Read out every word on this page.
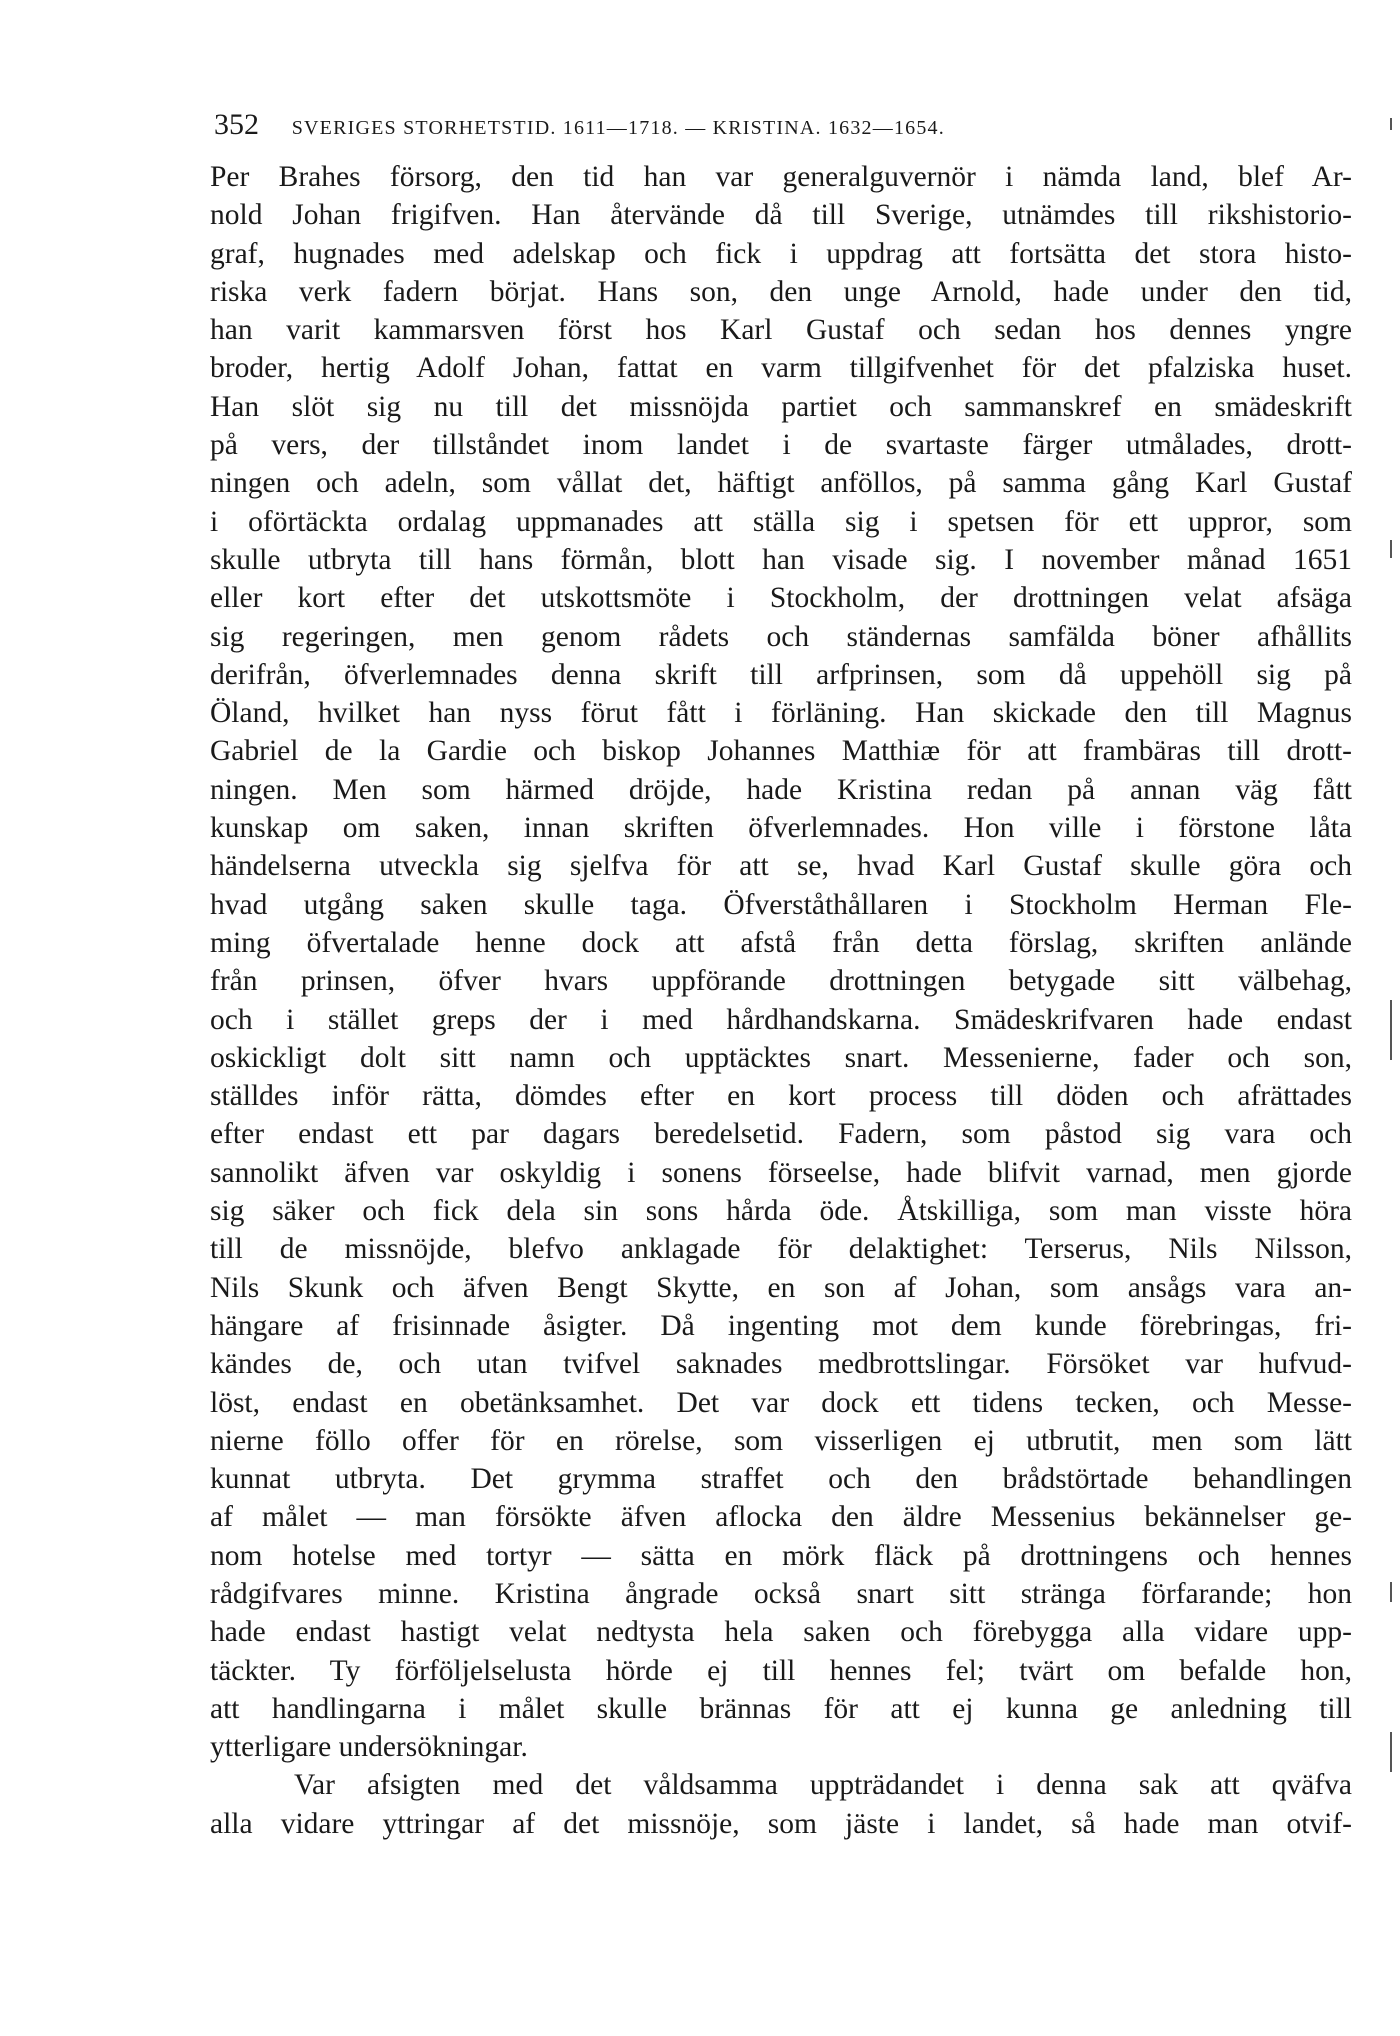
352 SVERIGES STORHETSTID. 1611—1718. — KRISTINA. 1632—1654.
Per Brahes försorg, den tid han var generalguvernör i nämda land, blef Ar-
nold Johan frigifven. Han återvände då till Sverige, utnämdes till rikshistorio-
graf, hugnades med adelskap och fick i uppdrag att fortsätta det stora histo-
riska verk fadern börjat. Hans son, den unge Arnold, hade under den tid,
han varit kammarsven först hos Karl Gustaf och sedan hos dennes yngre
broder, hertig Adolf Johan, fattat en varm tillgifvenhet för det pfalziska huset.
Han slöt sig nu till det missnöjda partiet och sammanskref en smädeskrift
på vers, der tillståndet inom landet i de svartaste färger utmålades, drott-
ningen och adeln, som vållat det, häftigt anföllos, på samma gång Karl Gustaf
i oförtäckta ordalag uppmanades att ställa sig i spetsen för ett uppror, som
skulle utbryta till hans förmån, blott han visade sig. I november månad 1651
eller kort efter det utskottsmöte i Stockholm, der drottningen velat afsäga
sig regeringen, men genom rådets och ständernas samfälda böner afhållits
derifrån, öfverlemnades denna skrift till arfprinsen, som då uppehöll sig på
Öland, hvilket han nyss förut fått i förläning. Han skickade den till Magnus
Gabriel de la Gardie och biskop Johannes Matthiæ för att frambäras till drott-
ningen. Men som härmed dröjde, hade Kristina redan på annan väg fått
kunskap om saken, innan skriften öfverlemnades. Hon ville i förstone låta
händelserna utveckla sig sjelfva för att se, hvad Karl Gustaf skulle göra och
hvad utgång saken skulle taga. Öfverståthållaren i Stockholm Herman Fle-
ming öfvertalade henne dock att afstå från detta förslag, skriften anlände
från prinsen, öfver hvars uppförande drottningen betygade sitt välbehag,
och i stället greps der i med hårdhandskarna. Smädeskrifvaren hade endast
oskickligt dolt sitt namn och upptäcktes snart. Messenierne, fader och son,
ställdes inför rätta, dömdes efter en kort process till döden och afrättades
efter endast ett par dagars beredelsetid. Fadern, som påstod sig vara och
sannolikt äfven var oskyldig i sonens förseelse, hade blifvit varnad, men gjorde
sig säker och fick dela sin sons hårda öde. Åtskilliga, som man visste höra
till de missnöjde, blefvo anklagade för delaktighet: Terserus, Nils Nilsson,
Nils Skunk och äfven Bengt Skytte, en son af Johan, som ansågs vara an-
hängare af frisinnade åsigter. Då ingenting mot dem kunde förebringas, fri-
kändes de, och utan tvifvel saknades medbrottslingar. Försöket var hufvud-
löst, endast en obetänksamhet. Det var dock ett tidens tecken, och Messe-
nierne föllo offer för en rörelse, som visserligen ej utbrutit, men som lätt
kunnat utbryta. Det grymma straffet och den brådstörtade behandlingen
af målet — man försökte äfven aflocka den äldre Messenius bekännelser ge-
nom hotelse med tortyr — sätta en mörk fläck på drottningens och hennes
rådgifvares minne. Kristina ångrade också snart sitt stränga förfarande; hon
hade endast hastigt velat nedtysta hela saken och förebygga alla vidare upp-
täckter. Ty förföljelselusta hörde ej till hennes fel; tvärt om befalde hon,
att handlingarna i målet skulle brännas för att ej kunna ge anledning till
ytterligare undersökningar.
Var afsigten med det våldsamma uppträdandet i denna sak att qväfva
alla vidare yttringar af det missnöje, som jäste i landet, så hade man otvif-
